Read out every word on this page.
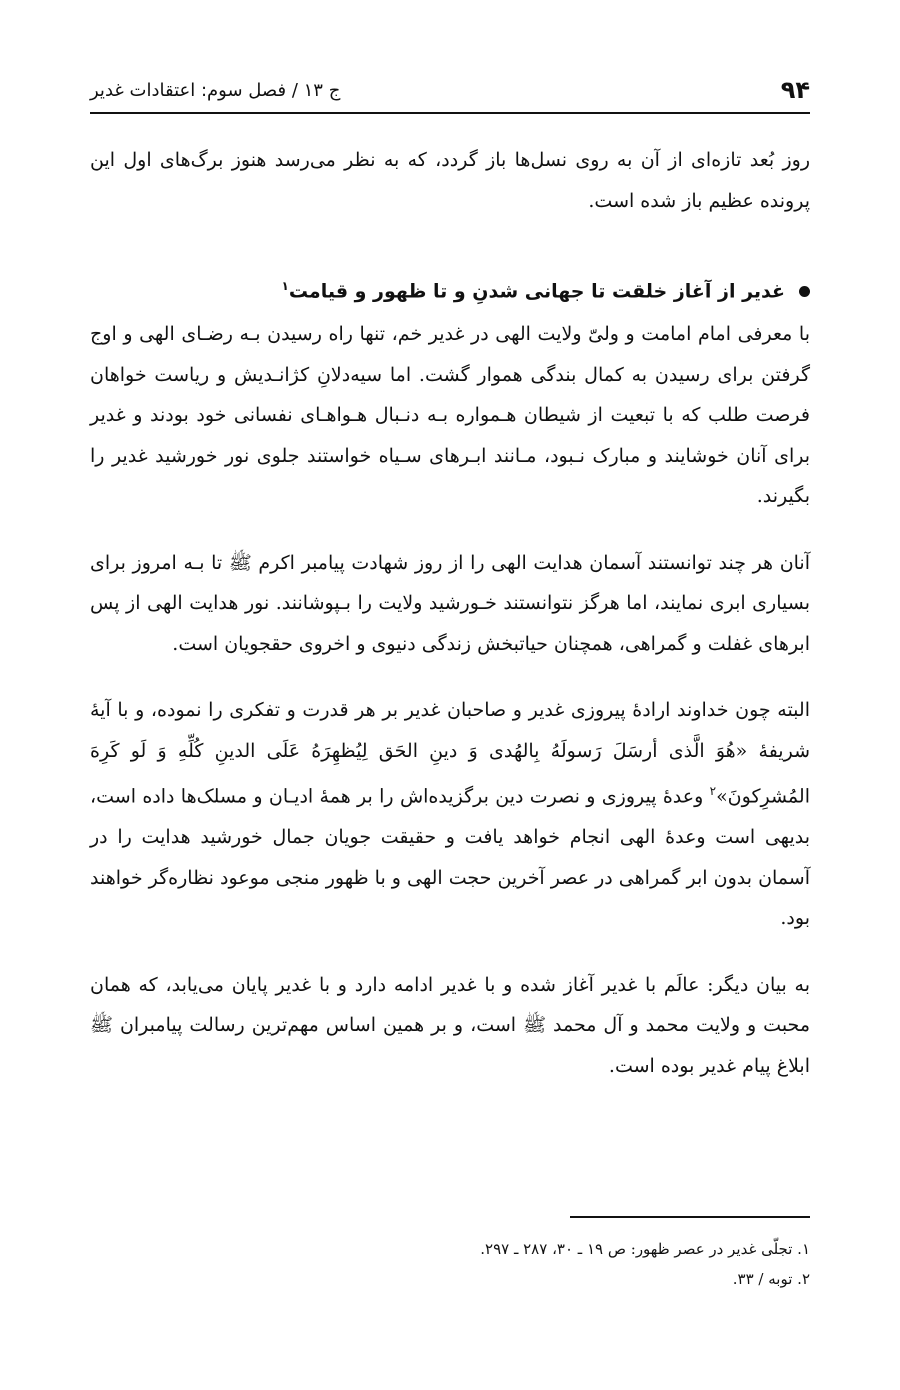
۹۴
ج ۱۳ / فصل سوم: اعتقادات غدیر

روز بُعد تازه‌ای از آن به روی نسل‌ها باز گردد، که به نظر می‌رسد هنوز برگ‌های اول این پرونده عظیم باز شده است.

غدیر از آغاز خلقت تا جهانی شدنِ و تا ظهور و قیامت$^۱$

با معرفی امام امامت و ولیّ ولایت الهی در غدیر خم، تنها راه رسیدن بـه رضـای الهی و اوج گرفتن برای رسیدن به کمال بندگی هموار گشت. اما سیه‌دلانِ کژانـدیش و ریاست خواهان فرصت طلب که با تبعیت از شیطان هـمواره بـه دنـبال هـواهـای نفسانی خود بودند و غدیر برای آنان خوشایند و مبارک نـبود، مـانند ابـرهای سـیاه خواستند جلوی نور خورشید غدیر را بگیرند.

آنان هر چند توانستند آسمان هدایت الهی را از روز شهادت پیامبر اکرم ﷺ تا بـه امروز برای بسیاری ابری نمایند، اما هرگز نتوانستند خـورشید ولایت را بـپوشانند. نور هدایت الهی از پس ابرهای غفلت و گمراهی، همچنان حیاتبخش زندگی دنیوی و اخروی حقجویان است.

البته چون خداوند ارادهٔ پیروزی غدیر و صاحبان غدیر بر هر قدرت و تفکری را نموده، و با آیهٔ شریفهٔ «هُوَ الَّذی أرسَلَ رَسولَهُ بِالهُدی وَ دینِ الحَق لِیُظهِرَهُ عَلَی الدینِ کُلِّهِ وَ لَو کَرِهَ المُشرِکونَ»$^۲$ وعدهٔ پیروزی و نصرت دین برگزیده‌اش را بر همهٔ ادیـان و مسلک‌ها داده است، بدیهی است وعدهٔ الهی انجام خواهد یافت و حقیقت جویان جمال خورشید هدایت را در آسمان بدون ابر گمراهی در عصر آخرین حجت الهی و با ظهور منجی موعود نظاره‌گر خواهند بود.

به بیان دیگر: عالَم با غدیر آغاز شده و با غدیر ادامه دارد و با غدیر پایان می‌یابد، که همان محبت و ولایت محمد و آل محمد ﷺ است، و بر همین اساس مهم‌ترین رسالت پیامبران ﷺ ابلاغ پیام غدیر بوده است.

۱. تجلّی غدیر در عصر ظهور: ص ۱۹ ـ ۳۰، ۲۸۷ ـ ۲۹۷.

۲. توبه / ۳۳.
